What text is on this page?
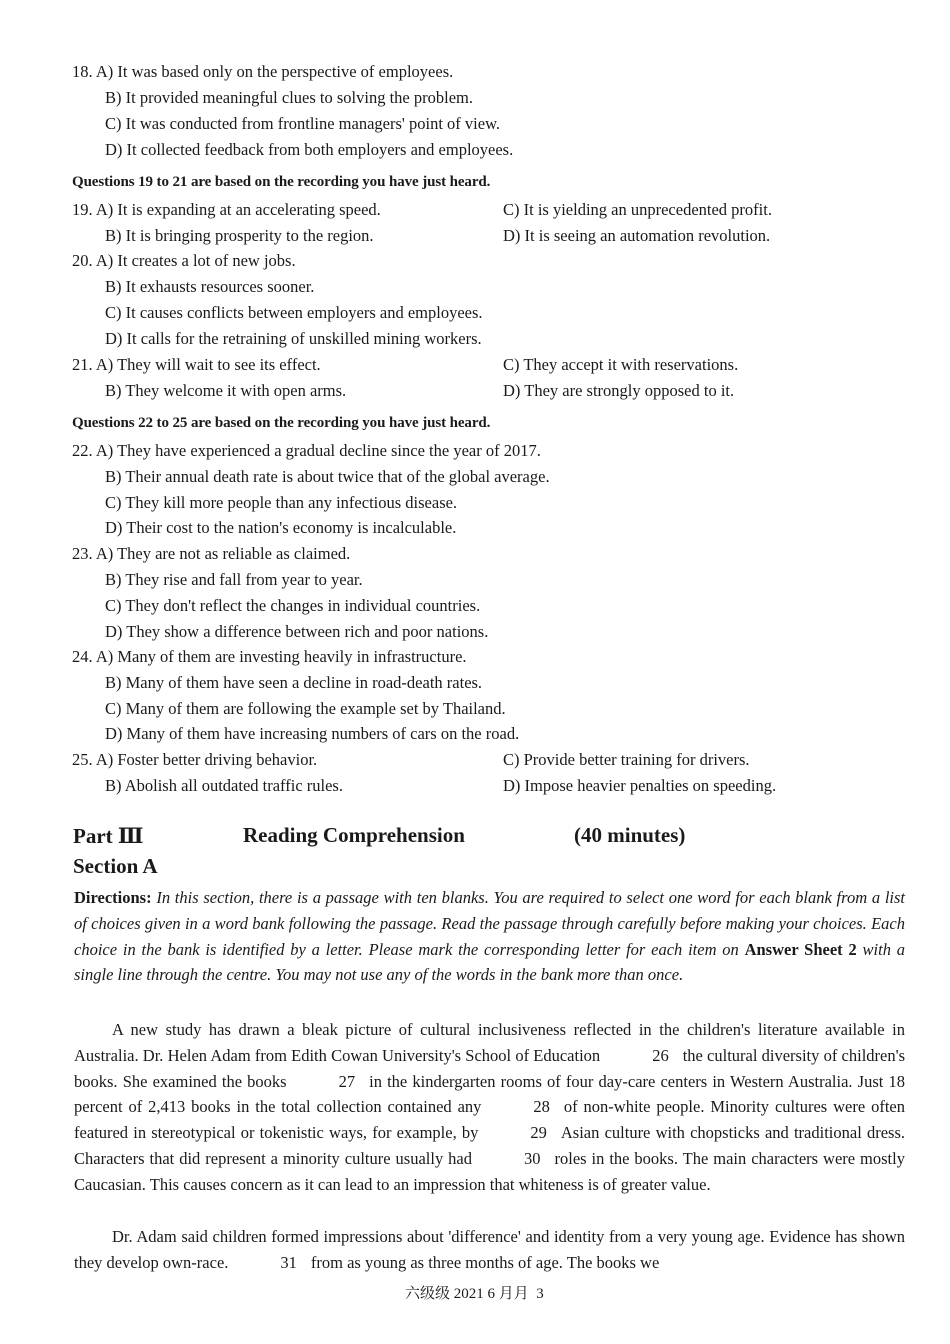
18. A) It was based only on the perspective of employees.
B) It provided meaningful clues to solving the problem.
C) It was conducted from frontline managers' point of view.
D) It collected feedback from both employers and employees.
Questions 19 to 21 are based on the recording you have just heard.
19. A) It is expanding at an accelerating speed.	C) It is yielding an unprecedented profit.
B) It is bringing prosperity to the region.	D) It is seeing an automation revolution.
20. A) It creates a lot of new jobs.
B) It exhausts resources sooner.
C) It causes conflicts between employers and employees.
D) It calls for the retraining of unskilled mining workers.
21. A) They will wait to see its effect.	C) They accept it with reservations.
B) They welcome it with open arms.	D) They are strongly opposed to it.
Questions 22 to 25 are based on the recording you have just heard.
22. A) They have experienced a gradual decline since the year of 2017.
B) Their annual death rate is about twice that of the global average.
C) They kill more people than any infectious disease.
D) Their cost to the nation's economy is incalculable.
23. A) They are not as reliable as claimed.
B) They rise and fall from year to year.
C) They don't reflect the changes in individual countries.
D) They show a difference between rich and poor nations.
24. A) Many of them are investing heavily in infrastructure.
B) Many of them have seen a decline in road-death rates.
C) Many of them are following the example set by Thailand.
D) Many of them have increasing numbers of cars on the road.
25. A) Foster better driving behavior.	C) Provide better training for drivers.
B) Abolish all outdated traffic rules.	D) Impose heavier penalties on speeding.
Part Ⅲ	Reading Comprehension	(40 minutes)
Section A
Directions: In this section, there is a passage with ten blanks. You are required to select one word for each blank from a list of choices given in a word bank following the passage. Read the passage through carefully before making your choices. Each choice in the bank is identified by a letter. Please mark the corresponding letter for each item on Answer Sheet 2 with a single line through the centre. You may not use any of the words in the bank more than once.
A new study has drawn a bleak picture of cultural inclusiveness reflected in the children's literature available in Australia. Dr. Helen Adam from Edith Cowan University's School of Education	26 the cultural diversity of children's books. She examined the books	27 in the kindergarten rooms of four day-care centers in Western Australia. Just 18 percent of 2,413 books in the total collection contained any	28 of non-white people. Minority cultures were often featured in stereotypical or tokenistic ways, for example, by	29 Asian culture with chopsticks and traditional dress. Characters that did represent a minority culture usually had	30 roles in the books. The main characters were mostly Caucasian. This causes concern as it can lead to an impression that whiteness is of greater value.
Dr. Adam said children formed impressions about 'difference' and identity from a very young age. Evidence has shown they develop own-race.	31 from as young as three months of age. The books we
六级级 2021 6 月月 3
